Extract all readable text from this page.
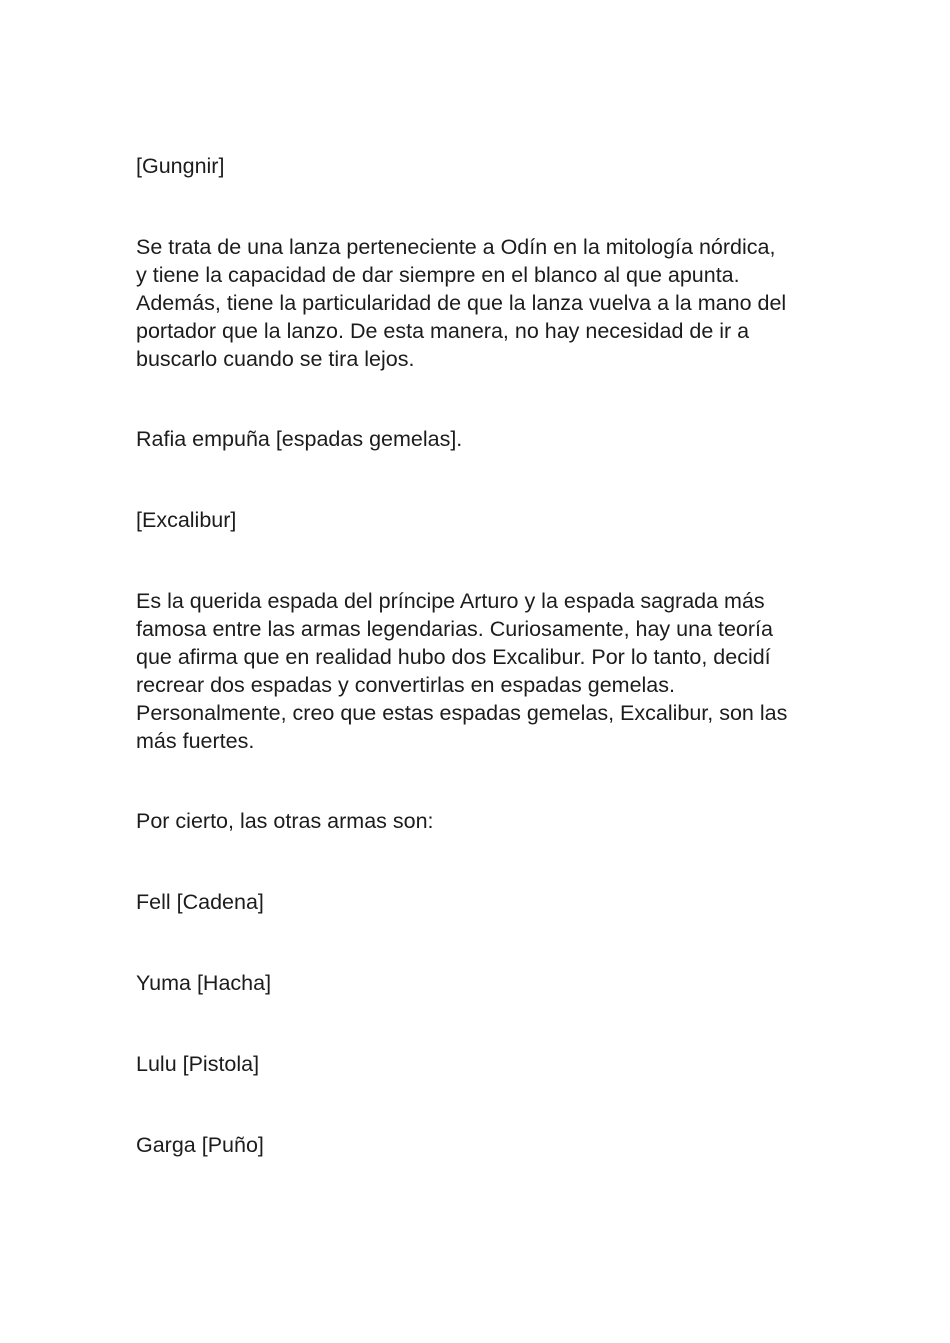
[Gungnir]

Se trata de una lanza perteneciente a Odín en la mitología nórdica,
y tiene la capacidad de dar siempre en el blanco al que apunta.
Además, tiene la particularidad de que la lanza vuelva a la mano del
portador que la lanzo. De esta manera, no hay necesidad de ir a
buscarlo cuando se tira lejos.

Rafia empuña [espadas gemelas].

[Excalibur]

Es la querida espada del príncipe Arturo y la espada sagrada más
famosa entre las armas legendarias. Curiosamente, hay una teoría
que afirma que en realidad hubo dos Excalibur. Por lo tanto, decidí
recrear dos espadas y convertirlas en espadas gemelas.
Personalmente, creo que estas espadas gemelas, Excalibur, son las
más fuertes.

Por cierto, las otras armas son:

Fell [Cadena]

Yuma [Hacha]

Lulu [Pistola]

Garga [Puño]
